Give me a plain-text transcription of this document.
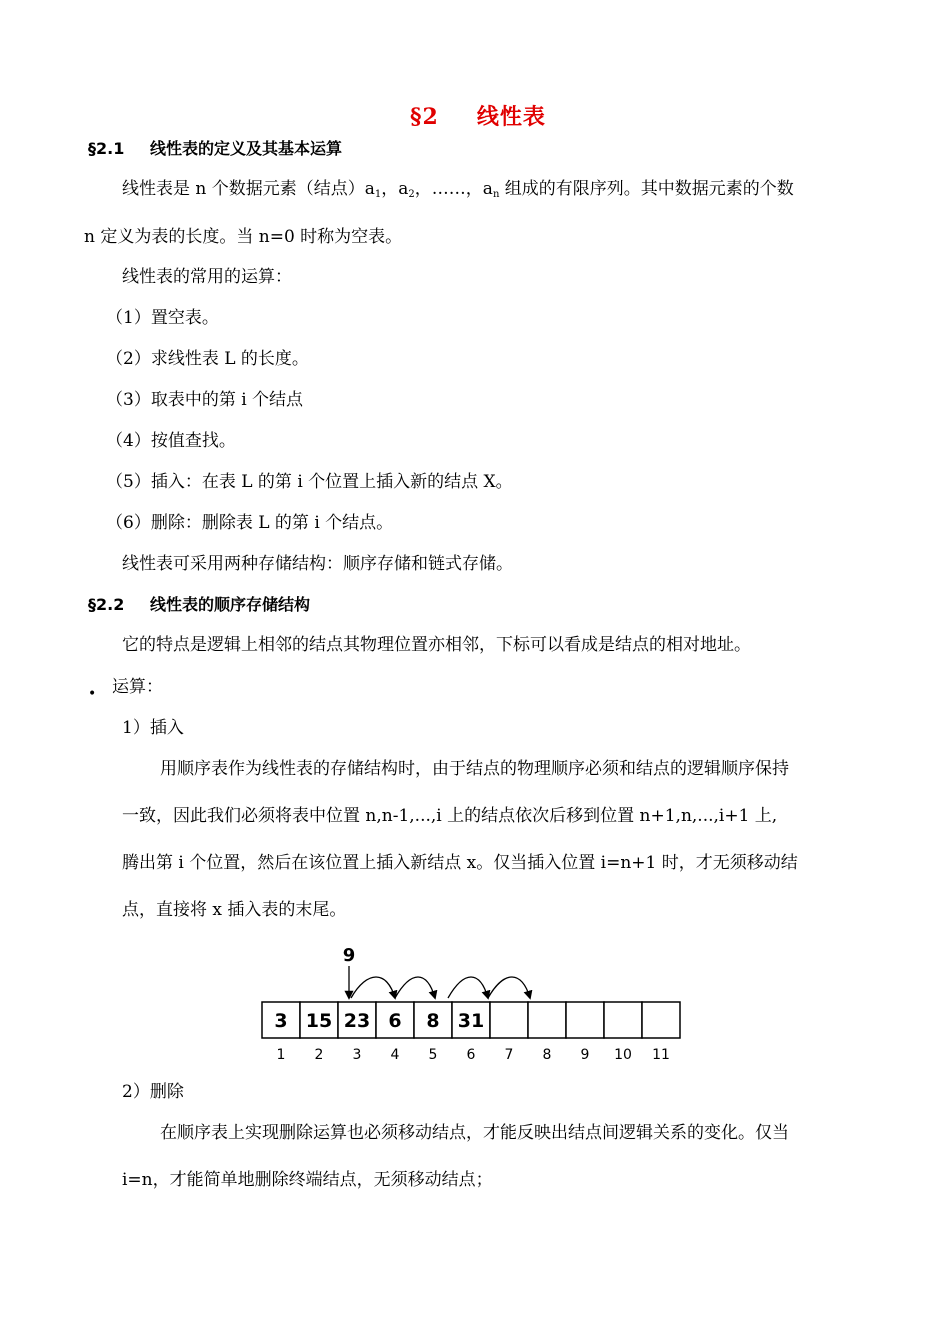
§2 线性表
§2.1 线性表的定义及其基本运算
线性表是 n 个数据元素（结点）$a_1$，$a_2$，……，$a_n$ 组成的有限序列。其中数据元素的个数
n 定义为表的长度。当 n=0 时称为空表。
线性表的常用的运算：
（1）置空表。
（2）求线性表 L 的长度。
（3）取表中的第 i 个结点
（4）按值查找。
（5）插入：在表 L 的第 i 个位置上插入新的结点 X。
（6）删除：删除表 L 的第 i 个结点。
线性表可采用两种存储结构：顺序存储和链式存储。
§2.2 线性表的顺序存储结构
它的特点是逻辑上相邻的结点其物理位置亦相邻，下标可以看成是结点的相对地址。
• 运算：
1）插入
用顺序表作为线性表的存储结构时，由于结点的物理顺序必须和结点的逻辑顺序保持
一致，因此我们必须将表中位置 n,n-1,...,i 上的结点依次后移到位置 n+1,n,...,i+1 上,
腾出第 i 个位置，然后在该位置上插入新结点 x。仅当插入位置 i=n+1 时，才无须移动结
点，直接将 x 插入表的末尾。
9
3 15 23 6 8 31
1 2 3 4 5 6 7 8 9 10 11
2）删除
在顺序表上实现删除运算也必须移动结点，才能反映出结点间逻辑关系的变化。仅当
i=n，才能简单地删除终端结点，无须移动结点；
